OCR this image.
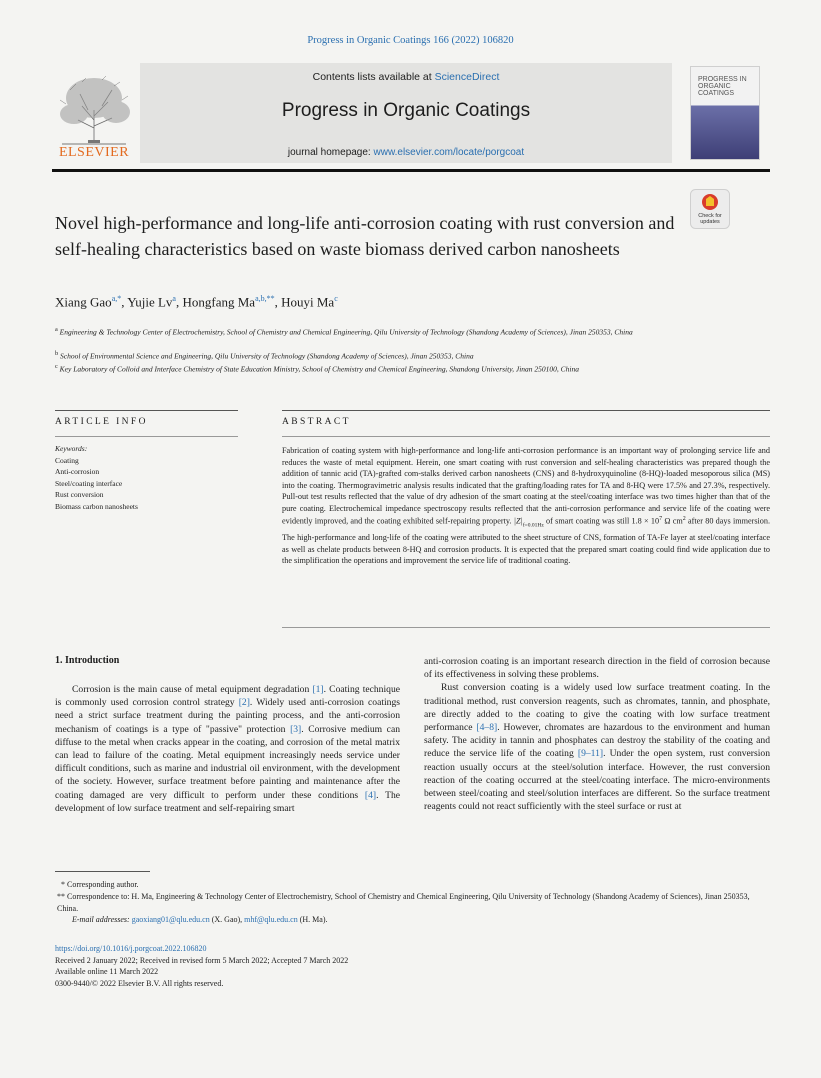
Progress in Organic Coatings 166 (2022) 106820
ELSEVIER
Contents lists available at ScienceDirect
Progress in Organic Coatings
journal homepage: www.elsevier.com/locate/porgcoat
PROGRESS IN ORGANIC COATINGS
Check for
updates
Novel high-performance and long-life anti-corrosion coating with rust conversion and self-healing characteristics based on waste biomass derived carbon nanosheets
Xiang Gao$^{a,*}$, Yujie Lv$^a$, Hongfang $Ma^{a,b,**}$, Houyi Ma$^c$
$^a$ Engineering & Technology Center of Electrochemistry, School of Chemistry and Chemical Engineering, Qilu University of Technology (Shandong Academy of Sciences), Jinan 250353, China
$^b$ School of Environmental Science and Engineering, Qilu University of Technology (Shandong Academy of Sciences), Jinan 250353, China
$^c$ Key Laboratory of Colloid and Interface Chemistry of State Education Ministry, School of Chemistry and Chemical Engineering, Shandong University, Jinan 250100, China
ARTICLE INFO	ABSTRACT
Keywords:
Coating
Anti-corrosion
Steel/coating interface
Rust conversion
Biomass carbon nanosheets
Fabrication of coating system with high-performance and long-life anti-corrosion performance is an important way of prolonging service life and reduces the waste of metal equipment. Herein, one smart coating with rust conversion and self-healing characteristics was prepared though the addition of tannic acid (TA)-grafted com-stalks derived carbon nanosheets (CNS) and 8-hydroxyquinoline (8-HQ)-loaded mesoporous silica (MS) into the coating. Thermogravimetric analysis results indicated that the grafting/loading rates for TA and 8-HQ were 17.5% and 27.3%, respectively. Pull-out test results reflected that the value of dry adhesion of the smart coating at the steel/coating interface was two times higher than that of the pure coating. Electrochemical impedance spectroscopy results reflected that the anti-corrosion performance and service life of the coating were evidently improved, and the coating exhibited self-repairing property. $|Z|_{f=0.01Hz}$ of smart coating was still $1.8 \times 10^7$ Ω $cm^2$ after 80 days immersion. The high-performance and long-life of the coating were attributed to the sheet structure of CNS, formation of TA-Fe layer at steel/coating interface as well as chelate products between 8-HQ and corrosion products. It is expected that the prepared smart coating could find wide application due to the simplification the operations and improvement the service life of traditional coating.
1. Introduction

Corrosion is the main cause of metal equipment degradation [1]. Coating technique is commonly used corrosion control strategy [2]. Widely used anti-corrosion coatings need a strict surface treatment during the painting process, and the anti-corrosion mechanism of coatings is a type of "passive" protection [3]. Corrosive medium can diffuse to the metal when cracks appear in the coating, and corrosion of the metal matrix can lead to failure of the coating. Metal equipment increasingly needs service under difficult conditions, such as marine and industrial oil environment, with the development of the society. However, surface treatment before painting and maintenance after the coating damaged are very difficult to perform under these conditions [4]. The development of low surface treatment and self-repairing smart

anti-corrosion coating is an important research direction in the field of corrosion because of its effectiveness in solving these problems.

Rust conversion coating is a widely used low surface treatment coating. In the traditional method, rust conversion reagents, such as chromates, tannin, and phosphate, are directly added to the coating to give the coating with low surface treatment performance [4–8]. However, chromates are hazardous to the environment and human safety. The acidity in tannin and phosphates can destroy the stability of the coating and reduce the service life of the coating [9–11]. Under the open system, rust conversion reaction usually occurs at the steel/solution interface. However, the rust conversion reaction of the coating occurred at the steel/coating interface. The micro-environments between steel/coating and steel/solution interfaces are different. So the surface treatment reagents could not react sufficiently with the steel surface or rust at

* Corresponding author.
** Correspondence to: H. Ma, Engineering & Technology Center of Electrochemistry, School of Chemistry and Chemical Engineering, Qilu University of Technology (Shandong Academy of Sciences), Jinan 250353, China.
E-mail addresses: gaoxiang01@qlu.edu.cn (X. Gao), mhf@qlu.edu.cn (H. Ma).
https://doi.org/10.1016/j.porgcoat.2022.106820
Received 2 January 2022; Received in revised form 5 March 2022; Accepted 7 March 2022
Available online 11 March 2022
0300-9440/© 2022 Elsevier B.V. All rights reserved.
